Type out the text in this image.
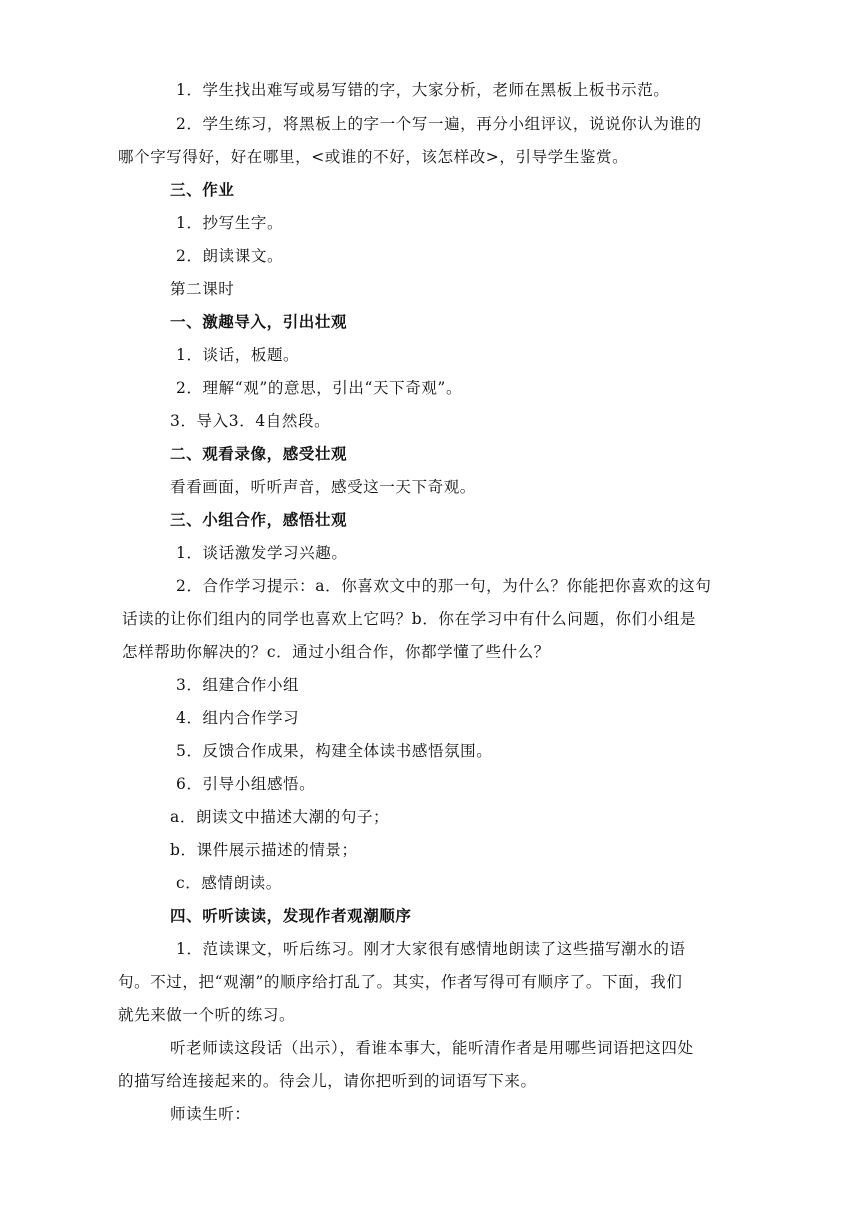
1．学生找出难写或易写错的字，大家分析，老师在黑板上板书示范。
2．学生练习，将黑板上的字一个写一遍，再分小组评议，说说你认为谁的
哪个字写得好，好在哪里，<或谁的不好，该怎样改>，引导学生鉴赏。
三、作业
1．抄写生字。
2．朗读课文。
第二课时
一、激趣导入，引出壮观
1．谈话，板题。
2．理解“观”的意思，引出“天下奇观”。
3．导入3．4自然段。
二、观看录像，感受壮观
看看画面，听听声音，感受这一天下奇观。
三、小组合作，感悟壮观
1．谈话激发学习兴趣。
2．合作学习提示：a．你喜欢文中的那一句，为什么？你能把你喜欢的这句
话读的让你们组内的同学也喜欢上它吗？b．你在学习中有什么问题，你们小组是
怎样帮助你解决的？c．通过小组合作，你都学懂了些什么？
3．组建合作小组
4．组内合作学习
5．反馈合作成果，构建全体读书感悟氛围。
6．引导小组感悟。
a．朗读文中描述大潮的句子；
b．课件展示描述的情景；
c．感情朗读。
四、听听读读，发现作者观潮顺序
1．范读课文，听后练习。刚才大家很有感情地朗读了这些描写潮水的语
句。不过，把“观潮”的顺序给打乱了。其实，作者写得可有顺序了。下面，我们
就先来做一个听的练习。
听老师读这段话（出示），看谁本事大，能听清作者是用哪些词语把这四处
的描写给连接起来的。待会儿，请你把听到的词语写下来。
师读生听：
